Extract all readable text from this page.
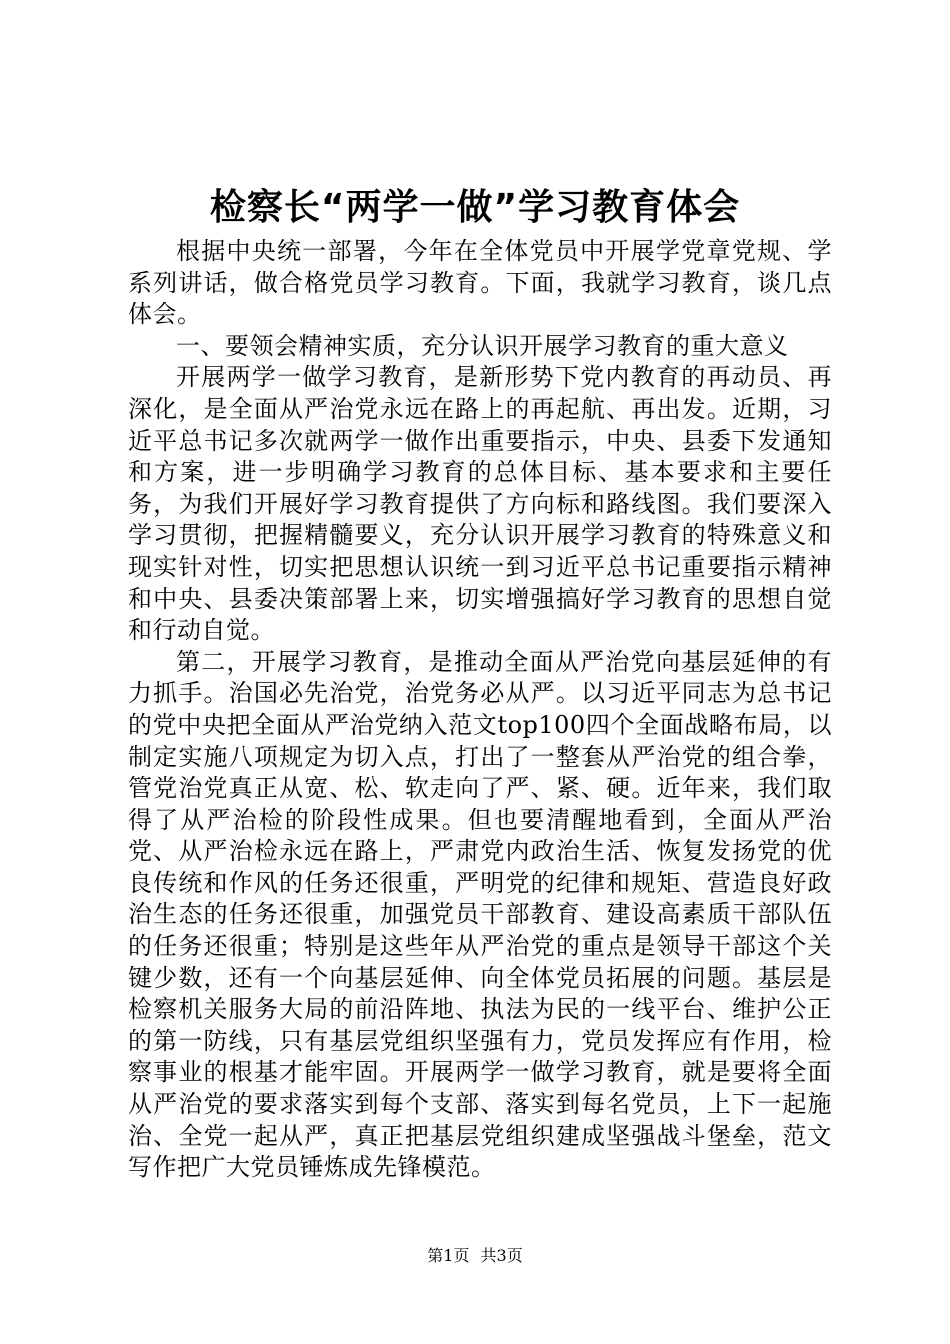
检察长“两学一做”学习教育体会

根据中央统一部署，今年在全体党员中开展学党章党规、学系列讲话，做合格党员学习教育。下面，我就学习教育，谈几点体会。

一、要领会精神实质，充分认识开展学习教育的重大意义

开展两学一做学习教育，是新形势下党内教育的再动员、再深化，是全面从严治党永远在路上的再起航、再出发。近期，习近平总书记多次就两学一做作出重要指示，中央、县委下发通知和方案，进一步明确学习教育的总体目标、基本要求和主要任务，为我们开展好学习教育提供了方向标和路线图。我们要深入学习贯彻，把握精髓要义，充分认识开展学习教育的特殊意义和现实针对性，切实把思想认识统一到习近平总书记重要指示精神和中央、县委决策部署上来，切实增强搞好学习教育的思想自觉和行动自觉。

第二，开展学习教育，是推动全面从严治党向基层延伸的有力抓手。治国必先治党，治党务必从严。以习近平同志为总书记的党中央把全面从严治党纳入范文top100四个全面战略布局，以制定实施八项规定为切入点，打出了一整套从严治党的组合拳，管党治党真正从宽、松、软走向了严、紧、硬。近年来，我们取得了从严治检的阶段性成果。但也要清醒地看到，全面从严治党、从严治检永远在路上，严肃党内政治生活、恢复发扬党的优良传统和作风的任务还很重，严明党的纪律和规矩、营造良好政治生态的任务还很重，加强党员干部教育、建设高素质干部队伍的任务还很重；特别是这些年从严治党的重点是领导干部这个关键少数，还有一个向基层延伸、向全体党员拓展的问题。基层是检察机关服务大局的前沿阵地、执法为民的一线平台、维护公正的第一防线，只有基层党组织坚强有力，党员发挥应有作用，检察事业的根基才能牢固。开展两学一做学习教育，就是要将全面从严治党的要求落实到每个支部、落实到每名党员，上下一起施治、全党一起从严，真正把基层党组织建成坚强战斗堡垒，范文写作把广大党员锤炼成先锋模范。

第1页 共3页
